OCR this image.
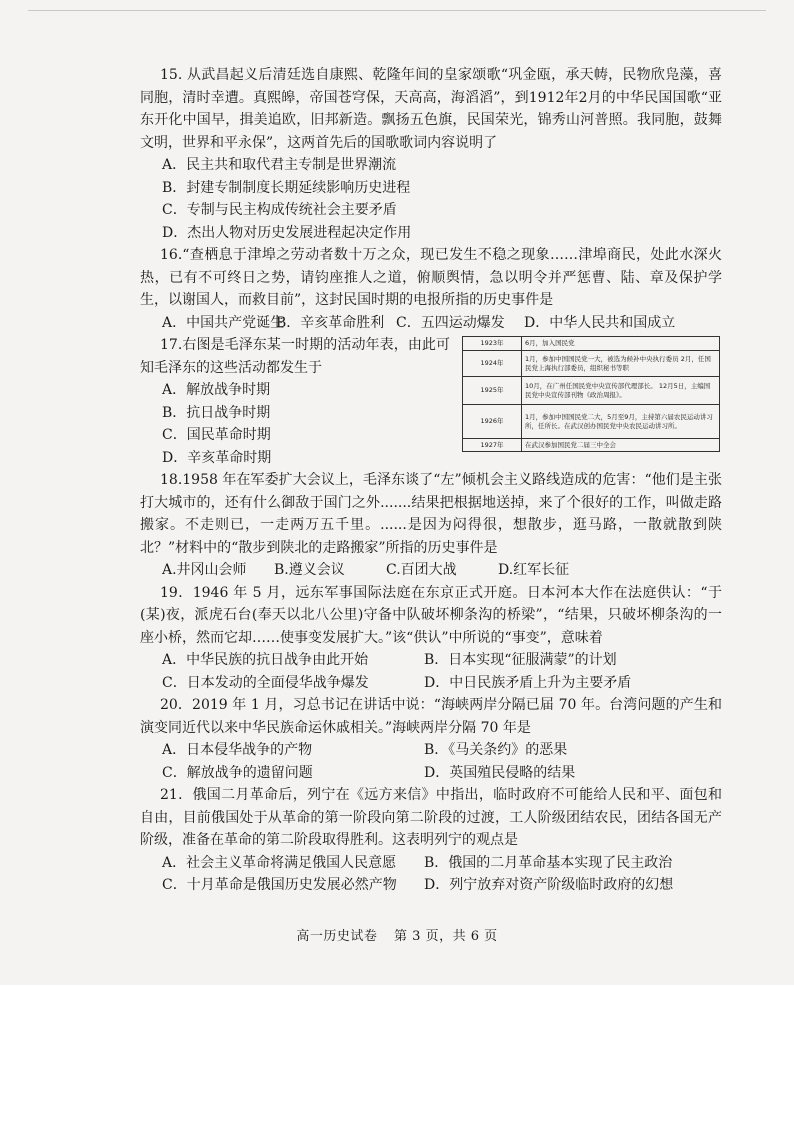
15. 从武昌起义后清廷选自康熙、乾隆年间的皇家颂歌“巩金瓯，承天帱，民物欣凫藻，喜同胞，清时幸遭。真熙皞，帝国苍穹保，天高高，海滔滔”，到1912年2月的中华民国国歌“亚东开化中国早，揖美追欧，旧邦新造。飘扬五色旗，民国荣光，锦秀山河普照。我同胞，鼓舞文明，世界和平永保”，这两首先后的国歌歌词内容说明了

A．民主共和取代君主专制是世界潮流

B．封建专制制度长期延续影响历史进程

C．专制与民主构成传统社会主要矛盾

D．杰出人物对历史发展进程起决定作用

16.“查栖息于津埠之劳动者数十万之众，现已发生不稳之现象……津埠商民，处此水深火热，已有不可终日之势，请钧座推人之道，俯顺舆情，急以明令并严惩曹、陆、章及保护学生，以谢国人，而救目前”，这封民国时期的电报所指的历史事件是

A．中国共产党诞生
B．辛亥革命胜利 C．五四运动爆发	D．中华人民共和国成立

17.右图是毛泽东某一时期的活动年表，由此可知毛泽东的这些活动都发生于

A．解放战争时期

B．抗日战争时期

C．国民革命时期

D．辛亥革命时期

1923年	6月，加入国民党
1924年	1月，参加中国国民党一大，被选为候补中央执行委员 2月，任国民党上海执行部委员，组织秘书等职
1925年	10月，在广州任国民党中央宣传部代理部长。 12月5日，主编国民党中央宣传部刊物《政治周报》。
1926年	1月，参加中国国民党二大，5月至9月，主持第六届农民运动讲习所，任所长。在武汉创办国民党中央农民运动讲习所。
1927年	在武汉参加国民党二届三中全会

18.1958 年在军委扩大会议上，毛泽东谈了“左”倾机会主义路线造成的危害：“他们是主张打大城市的，还有什么御敌于国门之外.......结果把根据地送掉，来了个很好的工作，叫做走路搬家。不走则已，一走两万五千里。......是因为闷得很，想散步，逛马路，一散就散到陕北？”材料中的“散步到陕北的走路搬家”所指的历史事件是

A.井冈山会师	B.遵义会议	C.百团大战	D.红军长征

19．1946 年 5 月，远东军事国际法庭在东京正式开庭。日本河本大作在法庭供认：“于(某)夜，派虎石台(奉天以北八公里)守备中队破坏柳条沟的桥梁”，“结果，只破坏柳条沟的一座小桥，然而它却……使事变发展扩大。”该“供认”中所说的“事变”，意味着

A．中华民族的抗日战争由此开始	B．日本实现“征服满蒙”的计划
C．日本发动的全面侵华战争爆发	D．中日民族矛盾上升为主要矛盾

20．2019 年 1 月，习总书记在讲话中说：“海峡两岸分隔已届 70 年。台湾问题的产生和演变同近代以来中华民族命运休戚相关。”海峡两岸分隔 70 年是

A．日本侵华战争的产物	B．《马关条约》的恶果
C．解放战争的遗留问题	D．英国殖民侵略的结果

21．俄国二月革命后，列宁在《远方来信》中指出，临时政府不可能给人民和平、面包和自由，目前俄国处于从革命的第一阶段向第二阶段的过渡，工人阶级团结农民，团结各国无产阶级，准备在革命的第二阶段取得胜利。这表明列宁的观点是

A．社会主义革命将满足俄国人民意愿	B．俄国的二月革命基本实现了民主政治
C．十月革命是俄国历史发展必然产物	D．列宁放弃对资产阶级临时政府的幻想
高一历史试卷 第 3 页，共 6 页
